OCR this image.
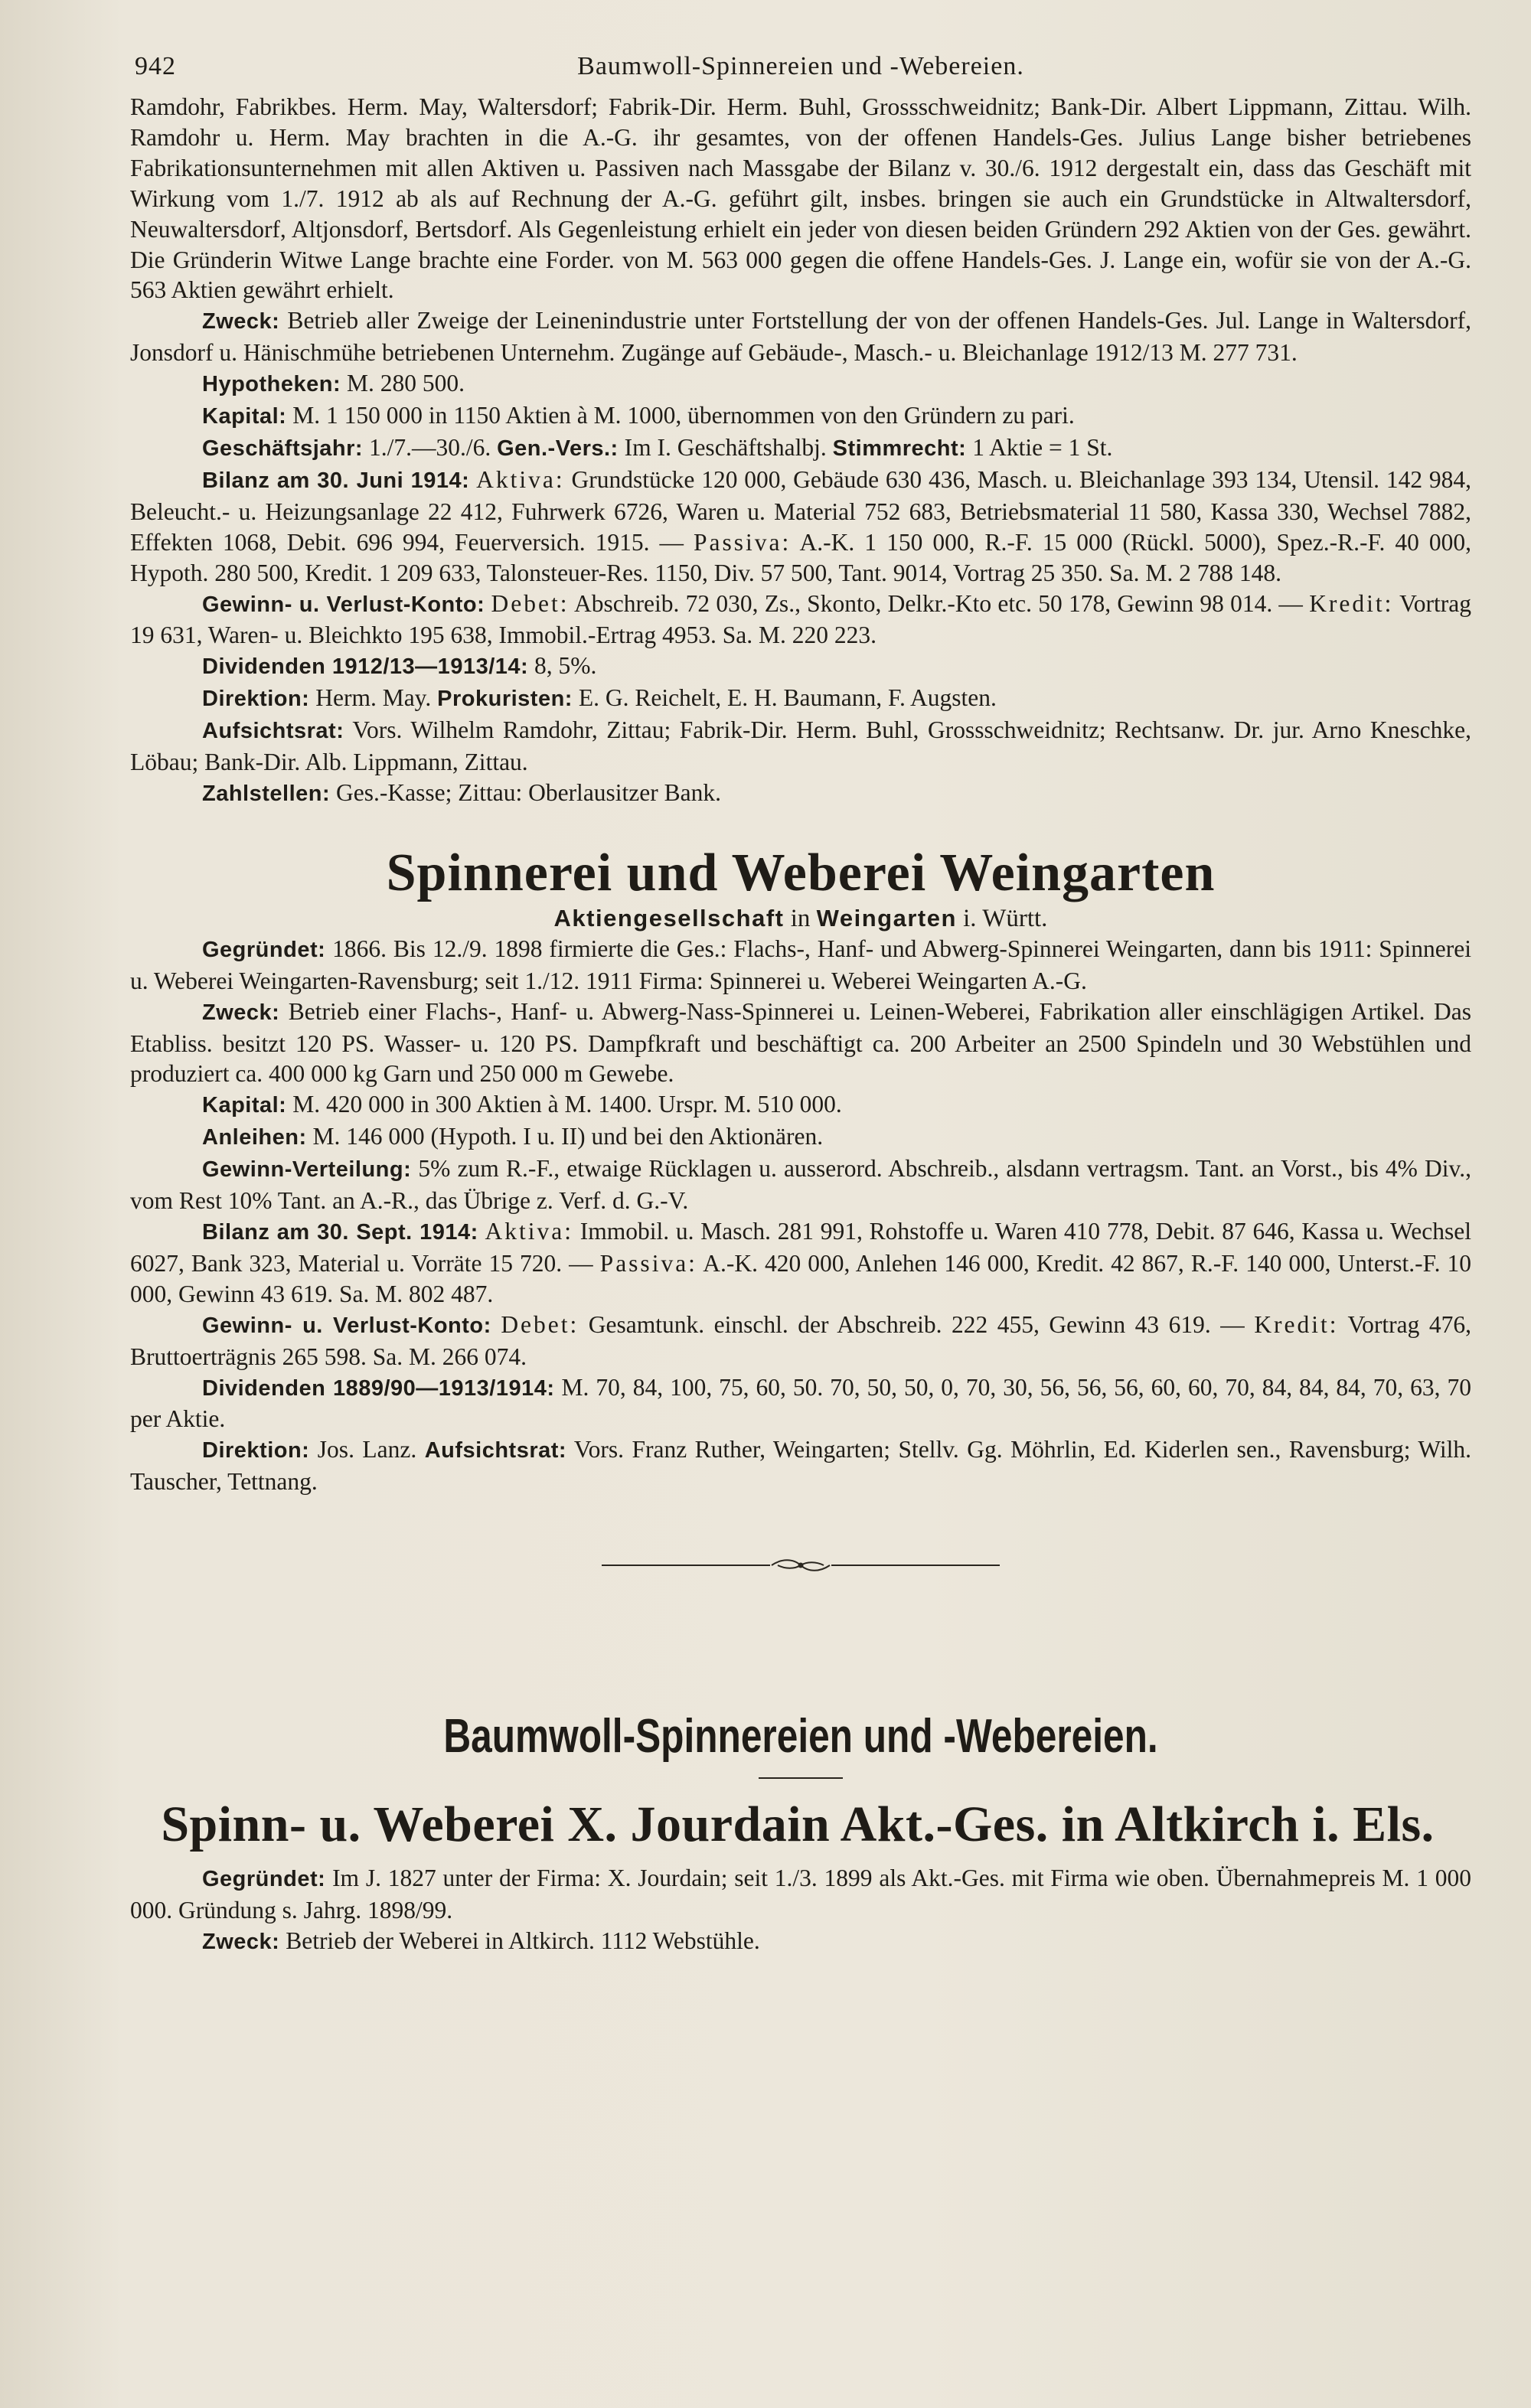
942	Baumwoll-Spinnereien und -Webereien.

Ramdohr, Fabrikbes. Herm. May, Waltersdorf; Fabrik-Dir. Herm. Buhl, Grossschweidnitz; Bank-Dir. Albert Lippmann, Zittau. Wilh. Ramdohr u. Herm. May brachten in die A.-G. ihr gesamtes, von der offenen Handels-Ges. Julius Lange bisher betriebenes Fabrikationsunternehmen mit allen Aktiven u. Passiven nach Massgabe der Bilanz v. 30./6. 1912 dergestalt ein, dass das Geschäft mit Wirkung vom 1./7. 1912 ab als auf Rechnung der A.-G. geführt gilt, insbes. bringen sie auch ein Grundstücke in Altwaltersdorf, Neuwaltersdorf, Altjonsdorf, Bertsdorf. Als Gegenleistung erhielt ein jeder von diesen beiden Gründern 292 Aktien von der Ges. gewährt. Die Gründerin Witwe Lange brachte eine Forder. von M. 563 000 gegen die offene Handels-Ges. J. Lange ein, wofür sie von der A.-G. 563 Aktien gewährt erhielt.

Zweck: Betrieb aller Zweige der Leinenindustrie unter Fortstellung der von der offenen Handels-Ges. Jul. Lange in Waltersdorf, Jonsdorf u. Hänischmühe betriebenen Unternehm. Zugänge auf Gebäude-, Masch.- u. Bleichanlage 1912/13 M. 277 731.

Hypotheken: M. 280 500.

Kapital: M. 1 150 000 in 1150 Aktien à M. 1000, übernommen von den Gründern zu pari.

Geschäftsjahr: 1./7.—30./6. Gen.-Vers.: Im I. Geschäftshalbj. Stimmrecht: 1 Aktie = 1 St.

Bilanz am 30. Juni 1914: Aktiva: Grundstücke 120 000, Gebäude 630 436, Masch. u. Bleichanlage 393 134, Utensil. 142 984, Beleucht.- u. Heizungsanlage 22 412, Fuhrwerk 6726, Waren u. Material 752 683, Betriebsmaterial 11 580, Kassa 330, Wechsel 7882, Effekten 1068, Debit. 696 994, Feuerversich. 1915. — Passiva: A.-K. 1 150 000, R.-F. 15 000 (Rückl. 5000), Spez.-R.-F. 40 000, Hypoth. 280 500, Kredit. 1 209 633, Talonsteuer-Res. 1150, Div. 57 500, Tant. 9014, Vortrag 25 350. Sa. M. 2 788 148.

Gewinn- u. Verlust-Konto: Debet: Abschreib. 72 030, Zs., Skonto, Delkr.-Kto etc. 50 178, Gewinn 98 014. — Kredit: Vortrag 19 631, Waren- u. Bleichkto 195 638, Immobil.-Ertrag 4953. Sa. M. 220 223.

Dividenden 1912/13—1913/14: 8, 5%.

Direktion: Herm. May. Prokuristen: E. G. Reichelt, E. H. Baumann, F. Augsten.

Aufsichtsrat: Vors. Wilhelm Ramdohr, Zittau; Fabrik-Dir. Herm. Buhl, Grossschweidnitz; Rechtsanw. Dr. jur. Arno Kneschke, Löbau; Bank-Dir. Alb. Lippmann, Zittau.

Zahlstellen: Ges.-Kasse; Zittau: Oberlausitzer Bank.

Spinnerei und Weberei Weingarten

Aktiengesellschaft in Weingarten i. Württ.

Gegründet: 1866. Bis 12./9. 1898 firmierte die Ges.: Flachs-, Hanf- und Abwerg-Spinnerei Weingarten, dann bis 1911: Spinnerei u. Weberei Weingarten-Ravensburg; seit 1./12. 1911 Firma: Spinnerei u. Weberei Weingarten A.-G.

Zweck: Betrieb einer Flachs-, Hanf- u. Abwerg-Nass-Spinnerei u. Leinen-Weberei, Fabrikation aller einschlägigen Artikel. Das Etabliss. besitzt 120 PS. Wasser- u. 120 PS. Dampfkraft und beschäftigt ca. 200 Arbeiter an 2500 Spindeln und 30 Webstühlen und produziert ca. 400 000 kg Garn und 250 000 m Gewebe.

Kapital: M. 420 000 in 300 Aktien à M. 1400. Urspr. M. 510 000.

Anleihen: M. 146 000 (Hypoth. I u. II) und bei den Aktionären.

Gewinn-Verteilung: 5% zum R.-F., etwaige Rücklagen u. ausserord. Abschreib., alsdann vertragsm. Tant. an Vorst., bis 4% Div., vom Rest 10% Tant. an A.-R., das Übrige z. Verf. d. G.-V.

Bilanz am 30. Sept. 1914: Aktiva: Immobil. u. Masch. 281 991, Rohstoffe u. Waren 410 778, Debit. 87 646, Kassa u. Wechsel 6027, Bank 323, Material u. Vorräte 15 720. — Passiva: A.-K. 420 000, Anlehen 146 000, Kredit. 42 867, R.-F. 140 000, Unterst.-F. 10 000, Gewinn 43 619. Sa. M. 802 487.

Gewinn- u. Verlust-Konto: Debet: Gesamtunk. einschl. der Abschreib. 222 455, Gewinn 43 619. — Kredit: Vortrag 476, Bruttoerträgnis 265 598. Sa. M. 266 074.

Dividenden 1889/90—1913/1914: M. 70, 84, 100, 75, 60, 50. 70, 50, 50, 0, 70, 30, 56, 56, 56, 60, 60, 70, 84, 84, 84, 70, 63, 70 per Aktie.

Direktion: Jos. Lanz. Aufsichtsrat: Vors. Franz Ruther, Weingarten; Stellv. Gg. Möhrlin, Ed. Kiderlen sen., Ravensburg; Wilh. Tauscher, Tettnang.

Baumwoll-Spinnereien und -Webereien.
Spinn- u. Weberei X. Jourdain Akt.-Ges. in Altkirch i. Els.

Gegründet: Im J. 1827 unter der Firma: X. Jourdain; seit 1./3. 1899 als Akt.-Ges. mit Firma wie oben. Übernahmepreis M. 1 000 000. Gründung s. Jahrg. 1898/99.

Zweck: Betrieb der Weberei in Altkirch. 1112 Webstühle.
